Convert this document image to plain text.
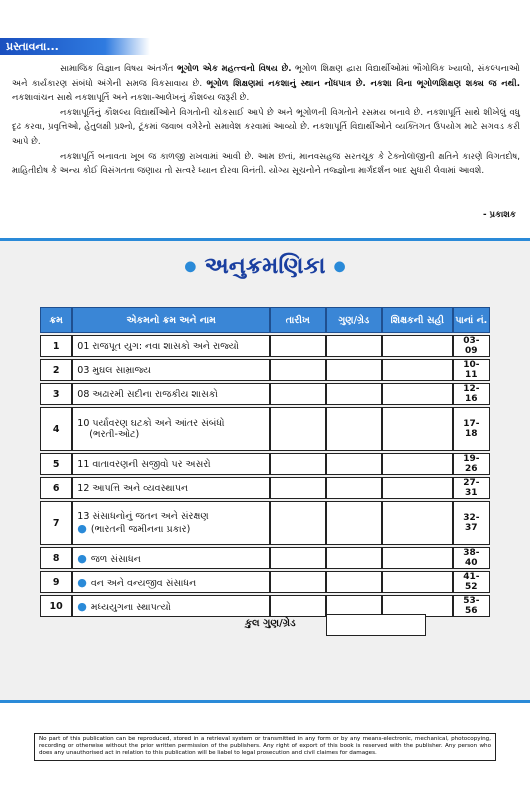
પ્રસ્તાવના...

સામાજિક વિજ્ઞાન વિષય અંતર્ગત ભૂગોળ એક મહત્ત્વનો વિષય છે. ભૂગોળ શિક્ષણ દ્વારા વિદ્યાર્થીઓમાં ભૌગોલિક ખ્યાલો, સંકલ્પનાઓ અને કાર્યકારણ સંબંધો અંગેની સમજ વિકસાવાય છે. ભૂગોળ શિક્ષણમાં નકશાનું સ્થાન નોંધપાત્ર છે. નકશા વિના ભૂગોળશિક્ષણ શક્ય જ નથી. નકશાવાંચન સાથે નકશાપૂર્તિ અને નકશા-આલેખનું કૌશલ્ય જરૂરી છે.

નકશાપૂર્તિનું કૌશલ્ય વિદ્યાર્થીઓને વિગતોની ચોકસાઈ આપે છે અને ભૂગોળની વિગતોને રસમય બનાવે છે. નકશાપૂર્તિ સાથે શીખેલું વધુ દૃઢ કરવા, પ્રવૃત્તિઓ, હેતુલક્ષી પ્રશ્નો, ટૂંકમાં જવાબ વગેરેનો સમાવેશ કરવામાં આવ્યો છે. નકશાપૂર્તિ વિદ્યાર્થીઓને વ્યક્તિગત ઉપયોગ માટે સગવડ કરી આપે છે.

નકશાપૂર્તિ બનાવતા ખૂબ જ કાળજી રાખવામાં આવી છે. આમ છતાં, માનવસહજ સરતચૂક કે ટેક્નોલૉજીની ક્ષતિને કારણે વિગતદોષ, માહિતીદોષ કે અન્ય કોઈ વિસંગતતા જણાય તો સત્વરે ધ્યાન દોરવા વિનંતી. યોગ્ય સૂચનોને તજ્જ્ઞોના માર્ગદર્શન બાદ સુધારી લેવામાં આવશે.

- પ્રકાશક
● અનુક્રમણિકા ●
ક્રમ	એકમનો ક્રમ અને નામ	તારીખ	ગુણ/ગ્રેડ	શિક્ષકની સહી	પાનાં નં.
1	01 રાજપૂત યુગ: નવા શાસકો અને રાજ્યો				03-09
2	03 મુઘલ સામ્રાજ્ય				10-11
3	08 અઢારમી સદીના રાજકીય શાસકો				12-16
4	10 પર્યાવરણ ઘટકો અને આંતર સંબંધો
(ભરતી-ઓટ)				17-18
5	11 વાતાવરણની સજીવો પર અસરો				19-26
6	12 આપત્તિ અને વ્યવસ્થાપન				27-31
7	13 સંસાધનોનું જતન અને સંરક્ષણ
● (ભારતની જમીનના પ્રકાર)				32-37
8	● જળ સંસાધન				38-40
9	● વન અને વન્યજીવ સંસાધન				41-52
10	● મધ્યયુગના સ્થાપત્યો				53-56
કુલ ગુણ/ગ્રેડ
No part of this publication can be reproduced, stored in a retrieval system or transmitted in any form or by any means-electronic, mechanical, photocopying, recording or otherwise without the prior written permission of the publishers. Any right of export of this book is reserved with the publisher. Any person who does any unauthorised act in relation to this publication will be liabel to legal prosecution and civil claimes for damages.
